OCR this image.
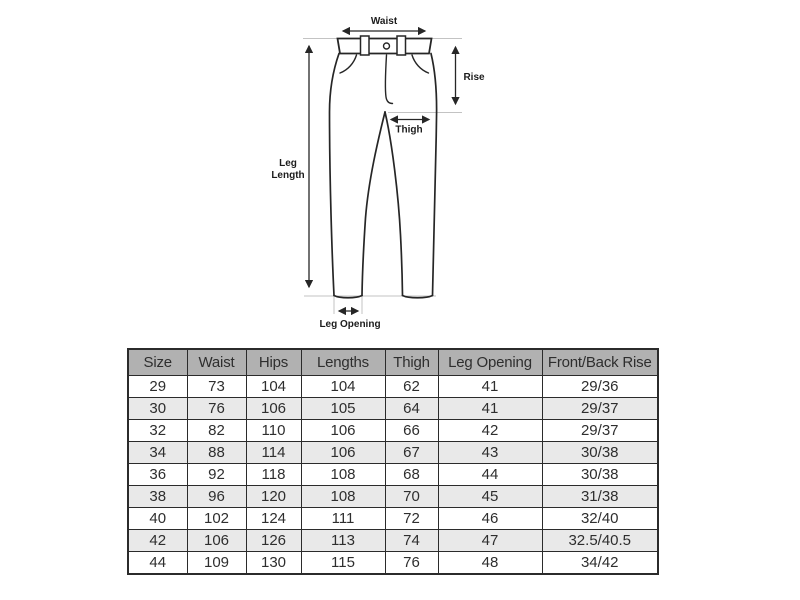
Waist
Rise
Thigh
Leg
Length
Leg Opening
Size	Waist	Hips	Lengths	Thigh	Leg Opening	Front/Back Rise
29	73	104	104	62	41	29/36
30	76	106	105	64	41	29/37
32	82	110	106	66	42	29/37
34	88	114	106	67	43	30/38
36	92	118	108	68	44	30/38
38	96	120	108	70	45	31/38
40	102	124	111	72	46	32/40
42	106	126	113	74	47	32.5/40.5
44	109	130	115	76	48	34/42
